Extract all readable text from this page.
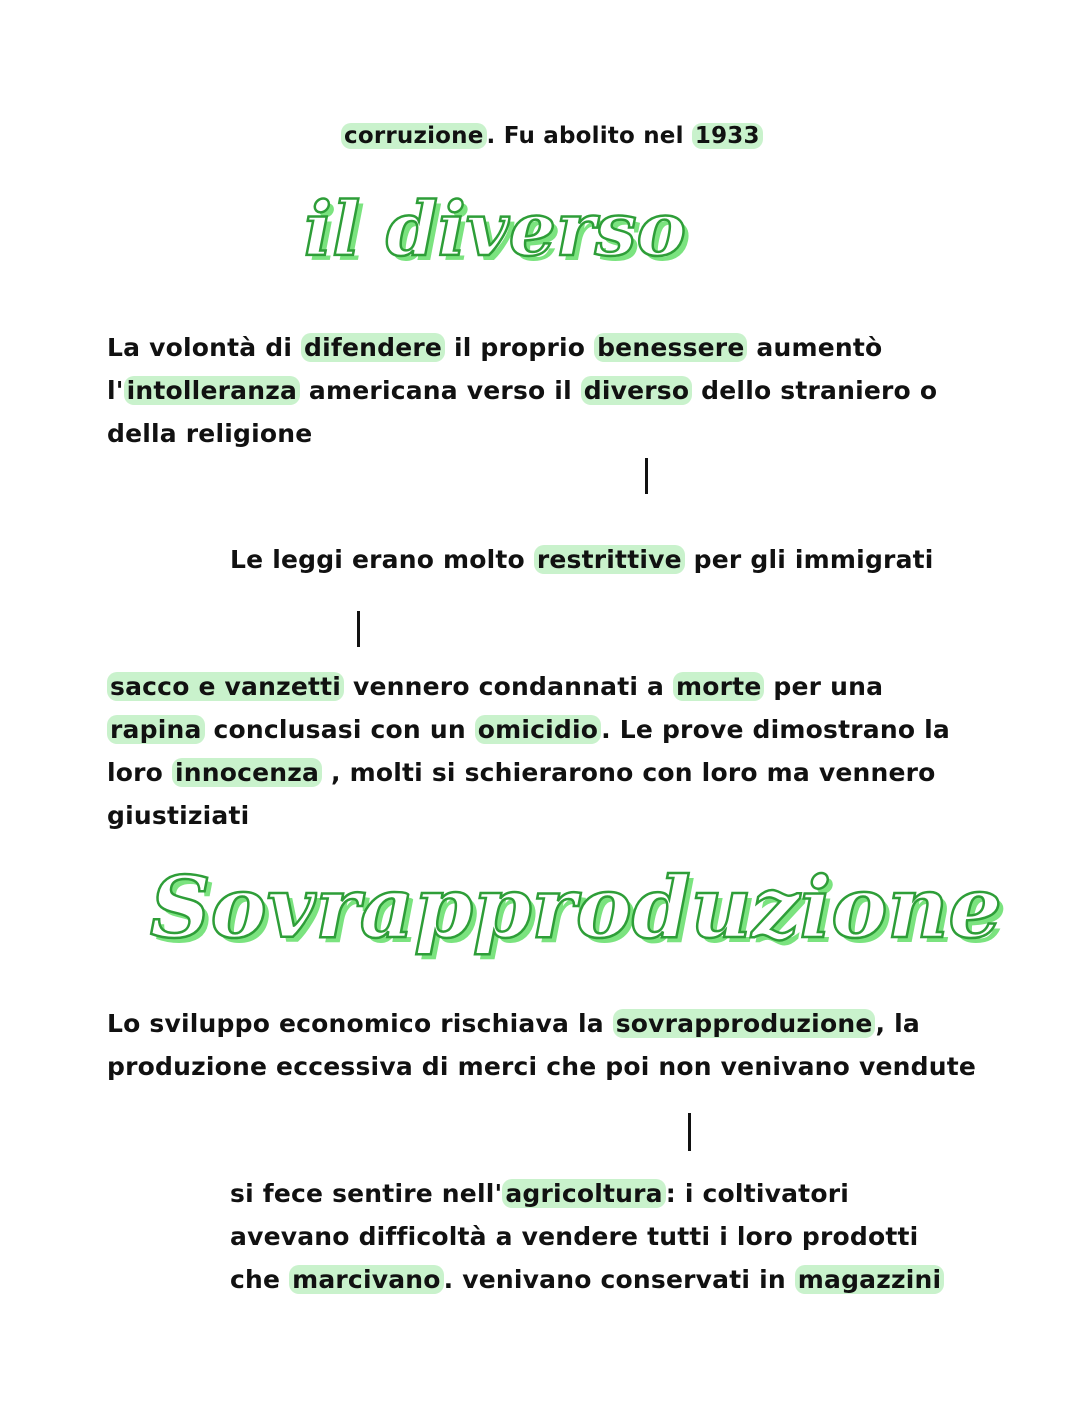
corruzione . Fu abolito nel 1933
il diverso
La volontà di difendere il proprio benessere aumentò
l' intolleranza americana verso il diverso dello straniero o
della religione
Le leggi erano molto restrittive per gli immigrati
sacco e vanzetti vennero condannati a morte per una
rapina conclusasi con un omicidio . Le prove dimostrano la
loro innocenza , molti si schierarono con loro ma vennero
giustiziati
Sovrapproduzione
Lo sviluppo economico rischiava la sovrapproduzione , la
produzione eccessiva di merci che poi non venivano vendute
si fece sentire nell' agricoltura : i coltivatori
avevano difficoltà a vendere tutti i loro prodotti
che marcivano . venivano conservati in magazzini
